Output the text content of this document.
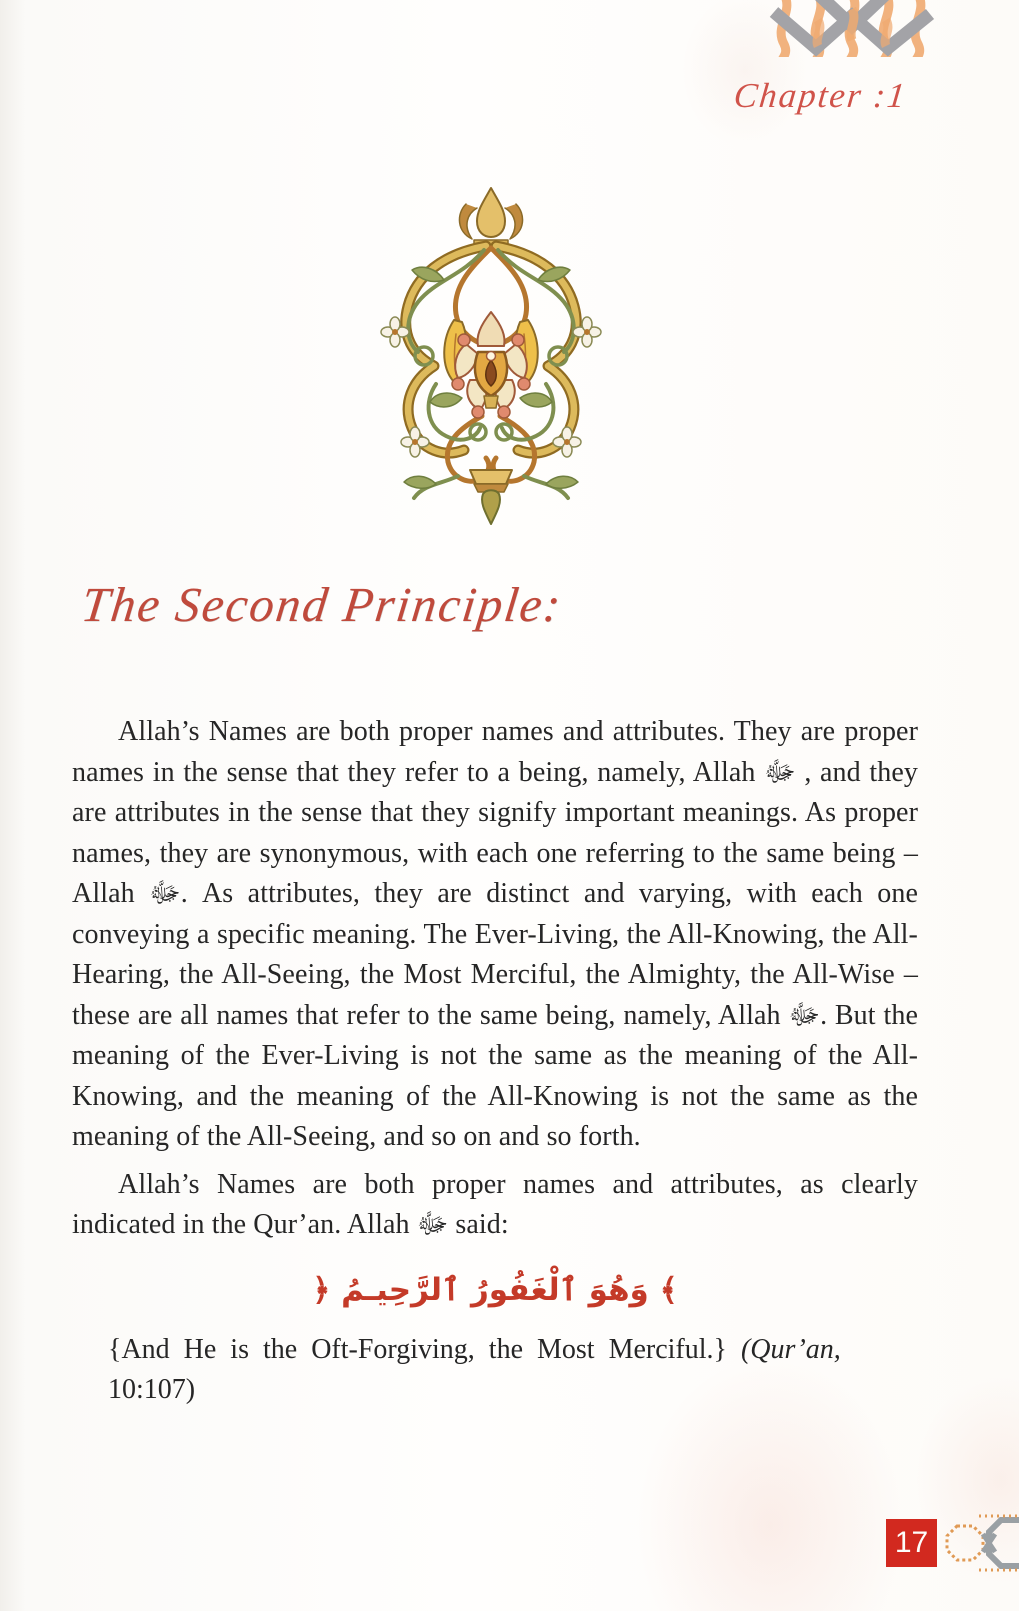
Chapter :1
The Second Principle:

Allah’s Names are both proper names and attributes. They are proper names in the sense that they refer to a being, namely, Allah ﷻ , and they are attributes in the sense that they signify important meanings. As proper names, they are synonymous, with each one referring to the same being – Allah ﷻ. As attributes, they are distinct and varying, with each one conveying a specific meaning. The Ever-Living, the All-Knowing, the All-Hearing, the All-Seeing, the Most Merciful, the Almighty, the All-Wise – these are all names that refer to the same being, namely, Allah ﷻ. But the meaning of the Ever-Living is not the same as the meaning of the All-Knowing, and the meaning of the All-Knowing is not the same as the meaning of the All-Seeing, and so on and so forth.

Allah’s Names are both proper names and attributes, as clearly indicated in the Qur’an. Allah ﷻ said:

﴾ وَهُوَ ٱلْغَفُورُ ٱلرَّحِيـمُ ﴿

{And He is the Oft-Forgiving, the Most Merciful.} (Qur’an,
10:107)

17
